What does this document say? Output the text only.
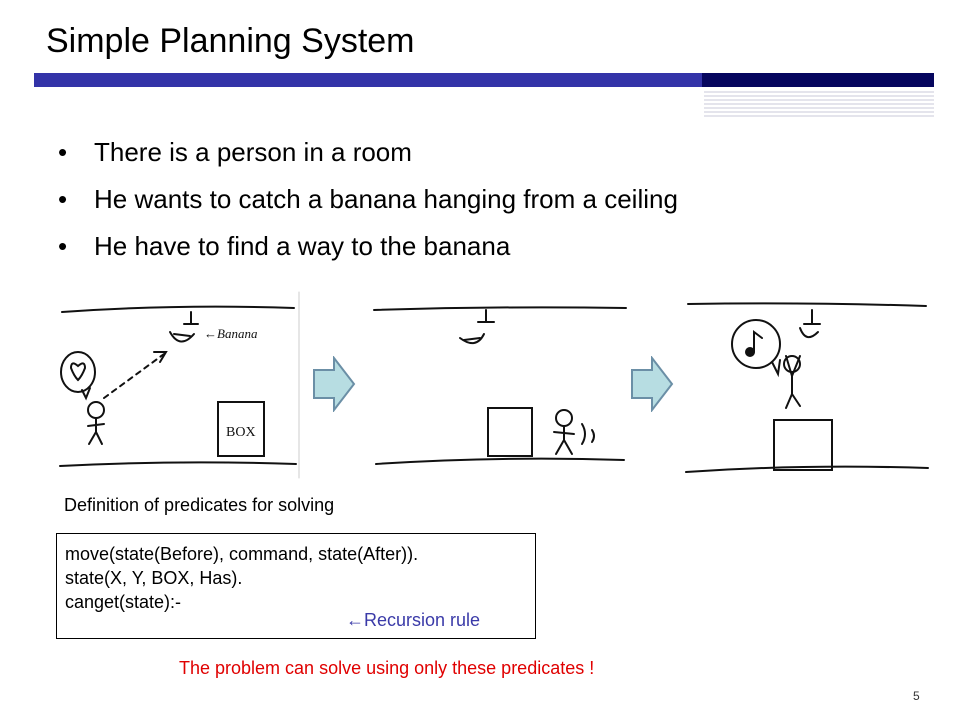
Simple Planning System
• There is a person in a room
• He wants to catch a banana hanging from a ceiling
• He have to find a way to the banana
←Banana
BOX
Definition of predicates for solving
move(state(Before), command, state(After)).
state(X, Y, BOX, Has).
canget(state):-
←Recursion rule
The problem can solve using only these predicates !
5
